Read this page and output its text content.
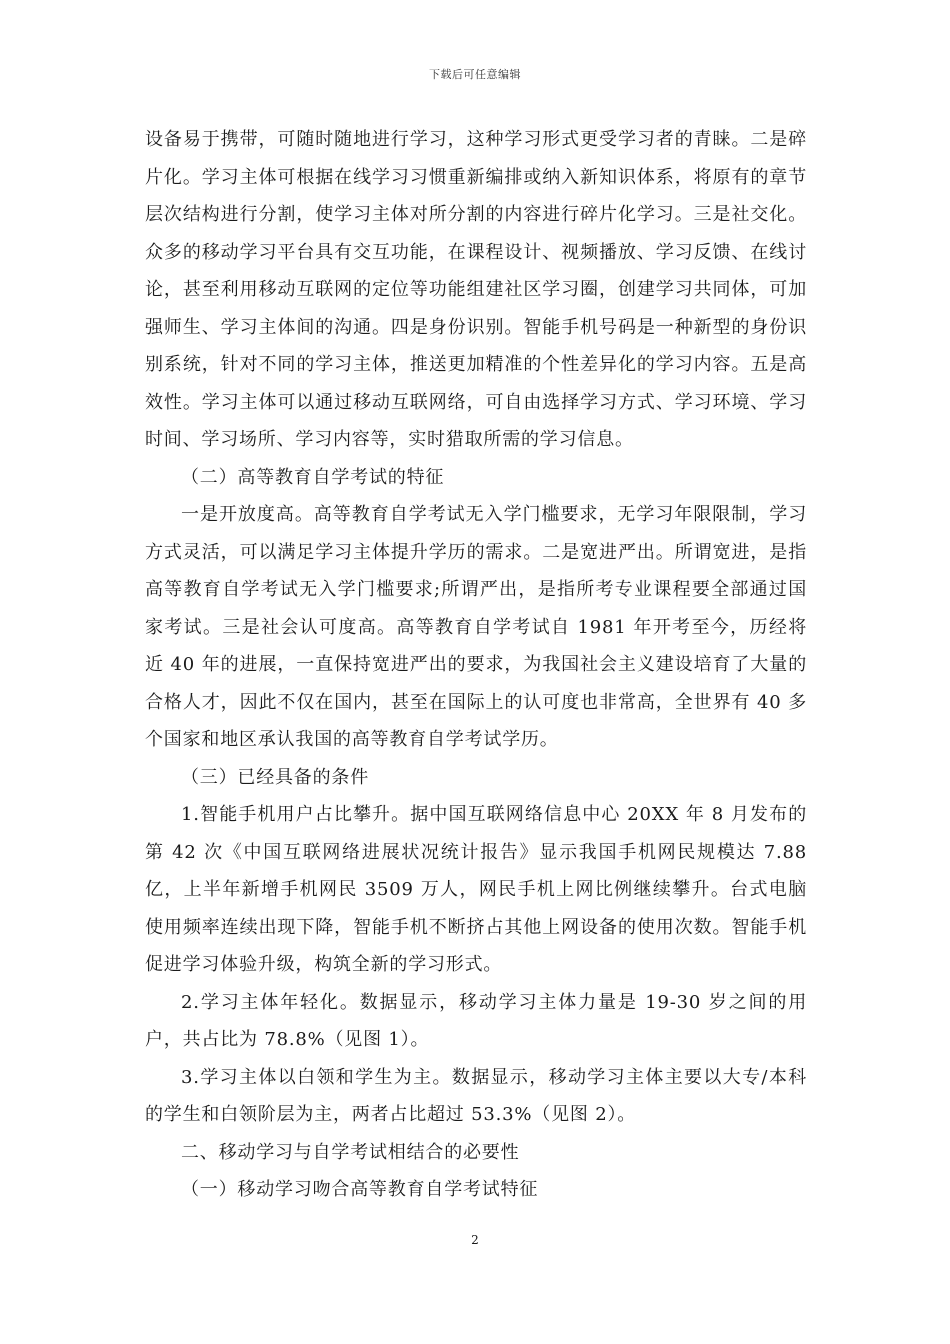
下载后可任意编辑

设备易于携带，可随时随地进行学习，这种学习形式更受学习者的青睐。二是碎片化。学习主体可根据在线学习习惯重新编排或纳入新知识体系，将原有的章节层次结构进行分割，使学习主体对所分割的内容进行碎片化学习。三是社交化。众多的移动学习平台具有交互功能，在课程设计、视频播放、学习反馈、在线讨论，甚至利用移动互联网的定位等功能组建社区学习圈，创建学习共同体，可加强师生、学习主体间的沟通。四是身份识别。智能手机号码是一种新型的身份识别系统，针对不同的学习主体，推送更加精准的个性差异化的学习内容。五是高效性。学习主体可以通过移动互联网络，可自由选择学习方式、学习环境、学习时间、学习场所、学习内容等，实时猎取所需的学习信息。

（二）高等教育自学考试的特征

一是开放度高。高等教育自学考试无入学门槛要求，无学习年限限制，学习方式灵活，可以满足学习主体提升学历的需求。二是宽进严出。所谓宽进，是指高等教育自学考试无入学门槛要求;所谓严出，是指所考专业课程要全部通过国家考试。三是社会认可度高。高等教育自学考试自 1981 年开考至今，历经将近 40 年的进展，一直保持宽进严出的要求，为我国社会主义建设培育了大量的合格人才，因此不仅在国内，甚至在国际上的认可度也非常高，全世界有 40 多个国家和地区承认我国的高等教育自学考试学历。

（三）已经具备的条件

1.智能手机用户占比攀升。据中国互联网络信息中心 20XX 年 8 月发布的第 42 次《中国互联网络进展状况统计报告》显示我国手机网民规模达 7.88 亿，上半年新增手机网民 3509 万人，网民手机上网比例继续攀升。台式电脑使用频率连续出现下降，智能手机不断挤占其他上网设备的使用次数。智能手机促进学习体验升级，构筑全新的学习形式。

2.学习主体年轻化。数据显示，移动学习主体力量是 19-30 岁之间的用户，共占比为 78.8%（见图 1）。

3.学习主体以白领和学生为主。数据显示，移动学习主体主要以大专/本科的学生和白领阶层为主，两者占比超过 53.3%（见图 2）。

二、移动学习与自学考试相结合的必要性

（一）移动学习吻合高等教育自学考试特征

2
